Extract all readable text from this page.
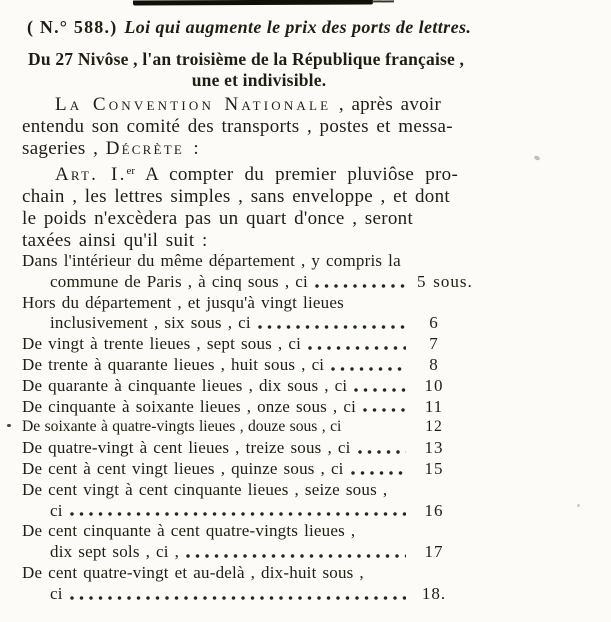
( N.° 588.) Loi qui augmente le prix des ports de lettres.
Du 27 Nivôse , l'an troisième de la République française ,
une et indivisible.
La Convention Nationale , après avoir
entendu son comité des transports , postes et messa-
sageries , Décrète :
Art. I.$^{er}$ A compter du premier pluviôse pro-
chain , les lettres simples , sans enveloppe , et dont
le poids n'excèdera pas un quart d'once , seront
taxées ainsi qu'il suit :
Dans l'intérieur du même département , y compris la
commune de Paris , à cinq sous , ci	5 sous.
Hors du département , et jusqu'à vingt lieues
inclusivement , six sous , ci	6
De vingt à trente lieues , sept sous , ci	7
De trente à quarante lieues , huit sous , ci	8
De quarante à cinquante lieues , dix sous , ci	10
De cinquante à soixante lieues , onze sous , ci	11
De soixante à quatre-vingts lieues , douze sous , ci	12
De quatre-vingt à cent lieues , treize sous , ci	13
De cent à cent vingt lieues , quinze sous , ci	15
De cent vingt à cent cinquante lieues , seize sous ,
ci	16
De cent cinquante à cent quatre-vingts lieues ,
dix sept sols , ci ,	17
De cent quatre-vingt et au-delà , dix-huit sous ,
ci	18.
